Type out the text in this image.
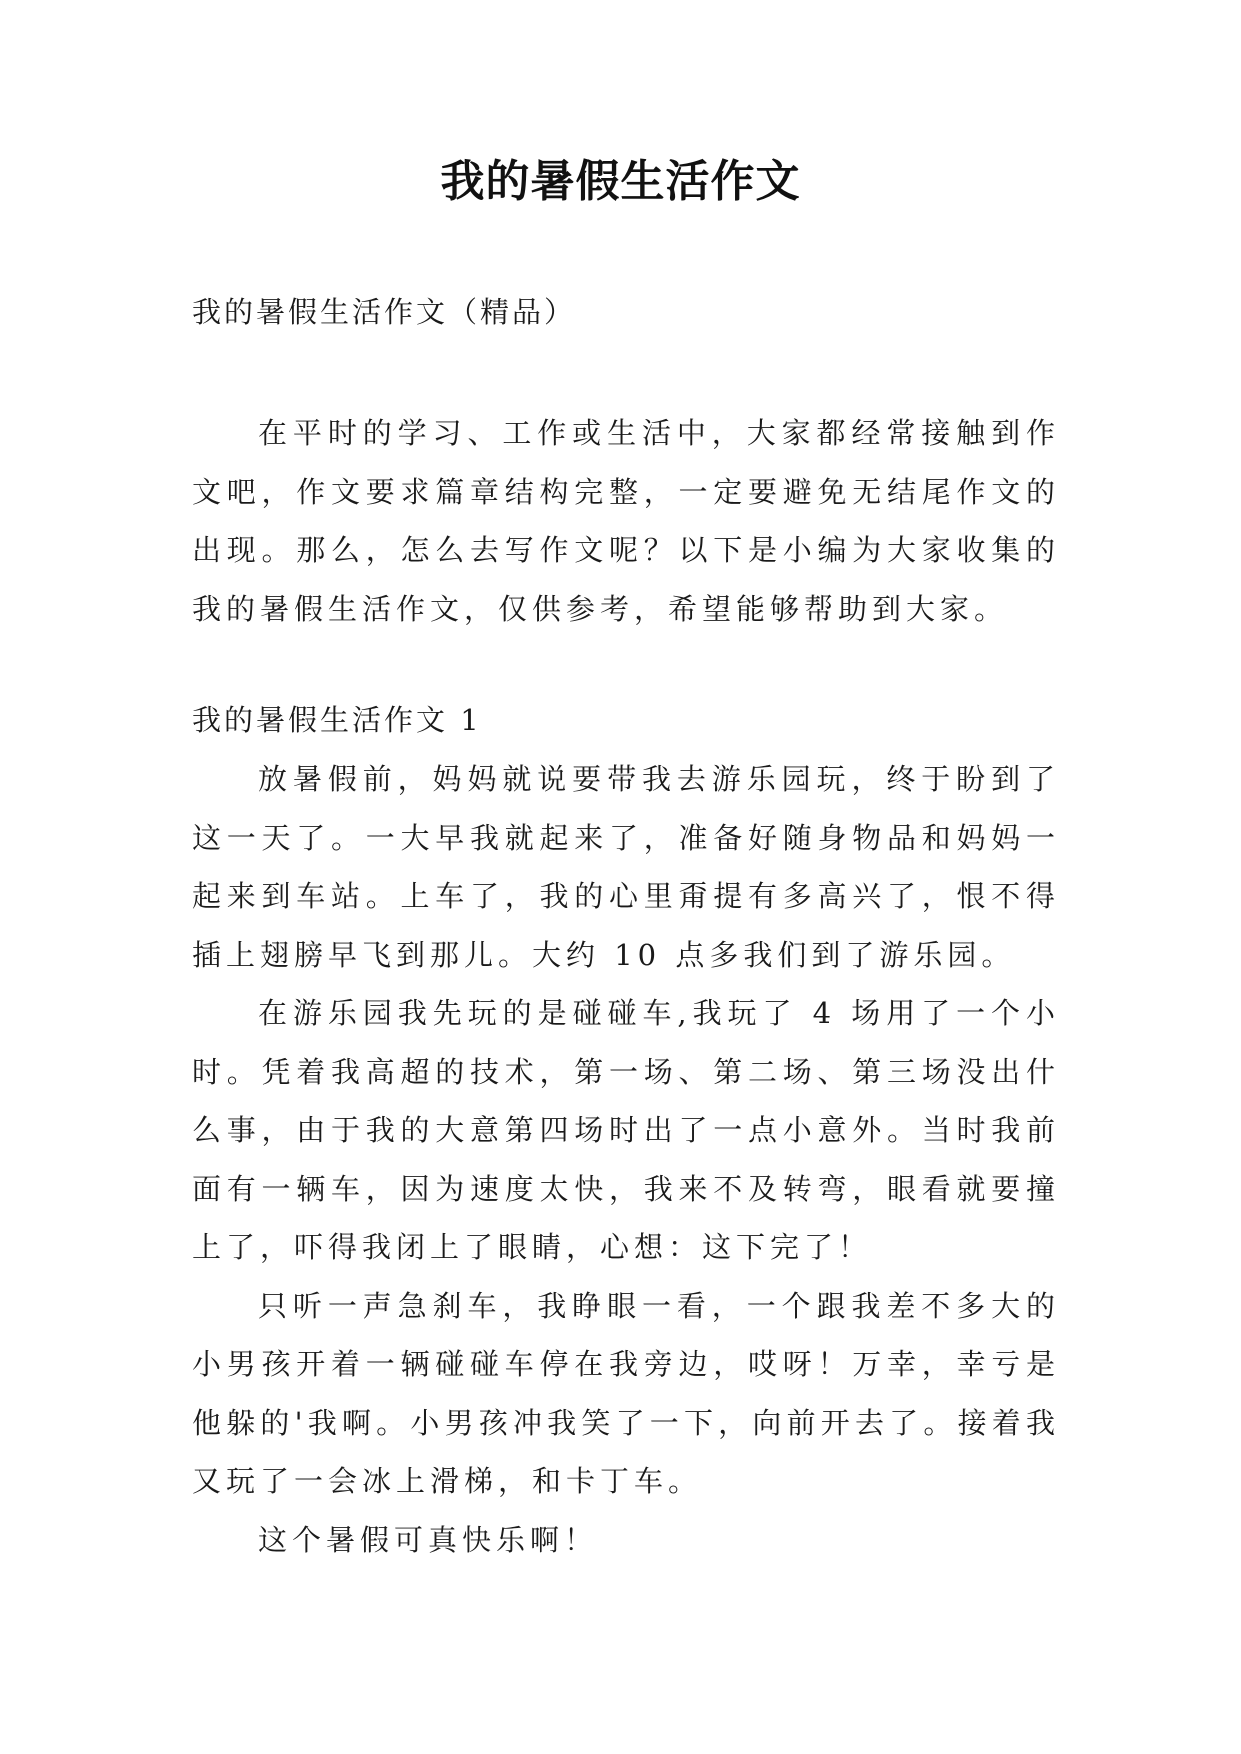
我的暑假生活作文
我的暑假生活作文（精品）

在平时的学习、工作或生活中，大家都经常接触到作文吧，作文要求篇章结构完整，一定要避免无结尾作文的出现。那么，怎么去写作文呢？以下是小编为大家收集的我的暑假生活作文，仅供参考，希望能够帮助到大家。

我的暑假生活作文 1

放暑假前，妈妈就说要带我去游乐园玩，终于盼到了这一天了。一大早我就起来了，准备好随身物品和妈妈一起来到车站。上车了，我的心里甭提有多高兴了，恨不得插上翅膀早飞到那儿。大约 10 点多我们到了游乐园。

在游乐园我先玩的是碰碰车,我玩了 4 场用了一个小时。凭着我高超的技术，第一场、第二场、第三场没出什么事，由于我的大意第四场时出了一点小意外。当时我前面有一辆车，因为速度太快，我来不及转弯，眼看就要撞上了，吓得我闭上了眼睛，心想：这下完了！

只听一声急刹车，我睁眼一看，一个跟我差不多大的小男孩开着一辆碰碰车停在我旁边，哎呀！万幸，幸亏是他躲的'我啊。小男孩冲我笑了一下，向前开去了。接着我又玩了一会冰上滑梯，和卡丁车。

这个暑假可真快乐啊！
